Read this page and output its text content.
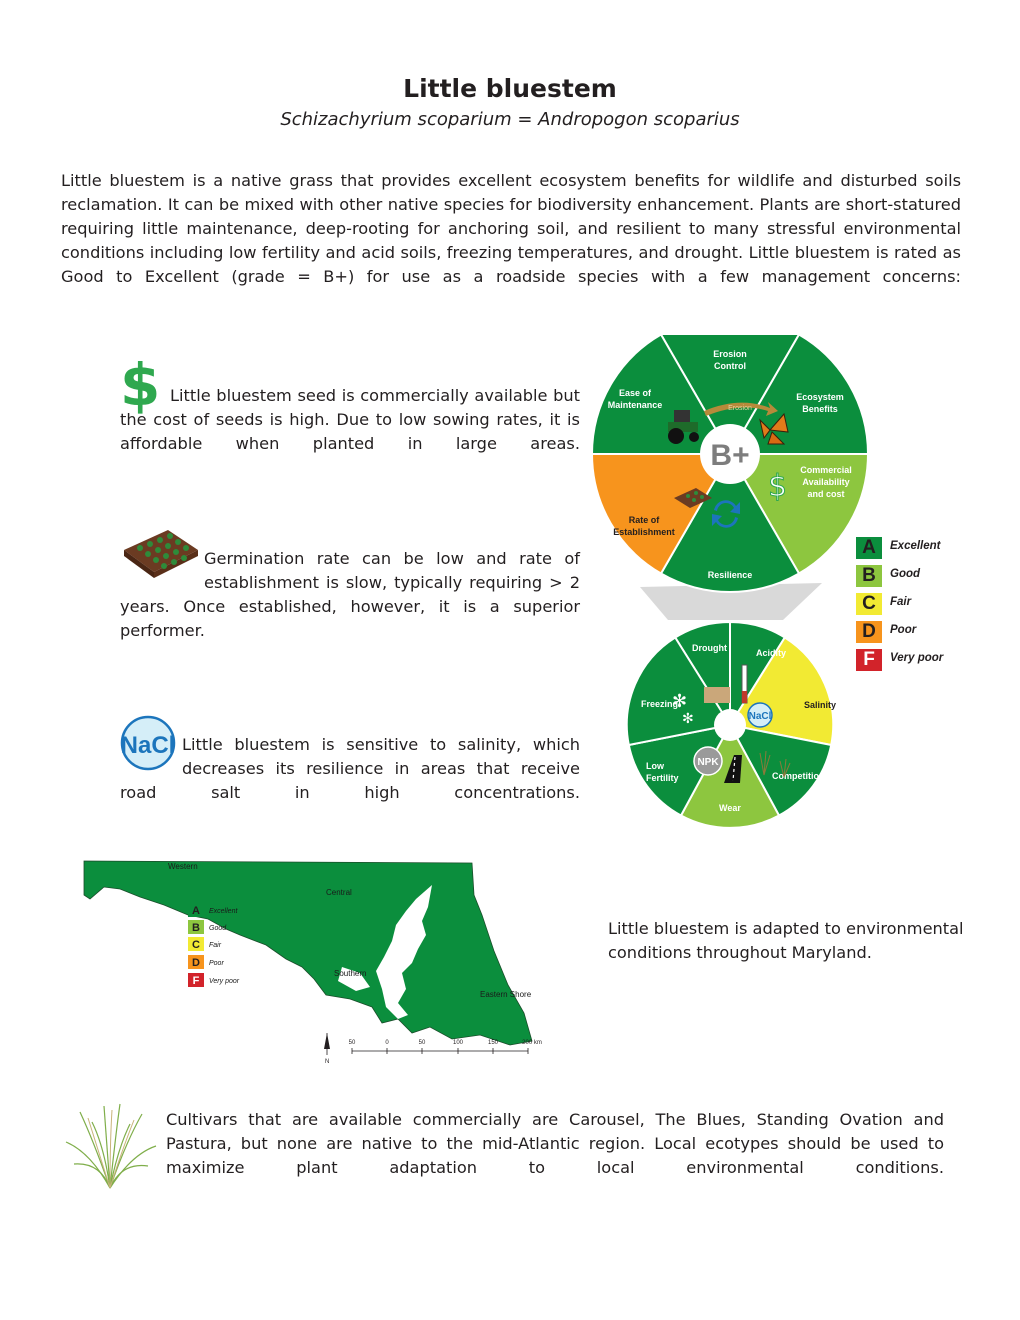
Little bluestem
Schizachyrium scoparium = Andropogon scoparius
Little bluestem is a native grass that provides excellent ecosystem benefits for wildlife and disturbed soils reclamation. It can be mixed with other native species for biodiversity enhancement. Plants are short-statured requiring little maintenance, deep-rooting for anchoring soil, and resilient to many stressful environmental conditions including low fertility and acid soils, freezing temperatures, and drought. Little bluestem is rated as Good to Excellent (grade = B+) for use as a roadside species with a few management concerns:
$ Little bluestem seed is commercially available but the cost of seeds is high. Due to low sowing rates, it is affordable when planted in large areas.
Germination rate can be low and rate of establishment is slow, typically requiring > 2 years. Once established, however, it is a superior performer.
NaCl Little bluestem is sensitive to salinity, which decreases its resilience in areas that receive road salt in high concentrations.
B+
Erosion
Control
Ecosystem
Benefits
Commercial
Availability
and cost
Resilience
Rate of
Establishment
Ease of
Maintenance	Erosion
$
Drought	Acidity
Salinity
Competition
Wear
Low
Fertility
Freezing
NaCl
✻
✻
NPK
A Excellent
B Good
C Fair
D Poor
F Very poor
Western
Central
Southern
Eastern Shore
A
B
C
D
F
Excellent
Good
Fair
Poor
Very poor
N
50	0	50	100	150	200 km
Little bluestem is adapted to environmental conditions throughout Maryland.
Cultivars that are available commercially are Carousel, The Blues, Standing Ovation and Pastura, but none are native to the mid-Atlantic region. Local ecotypes should be used to maximize plant adaptation to local environmental conditions.
